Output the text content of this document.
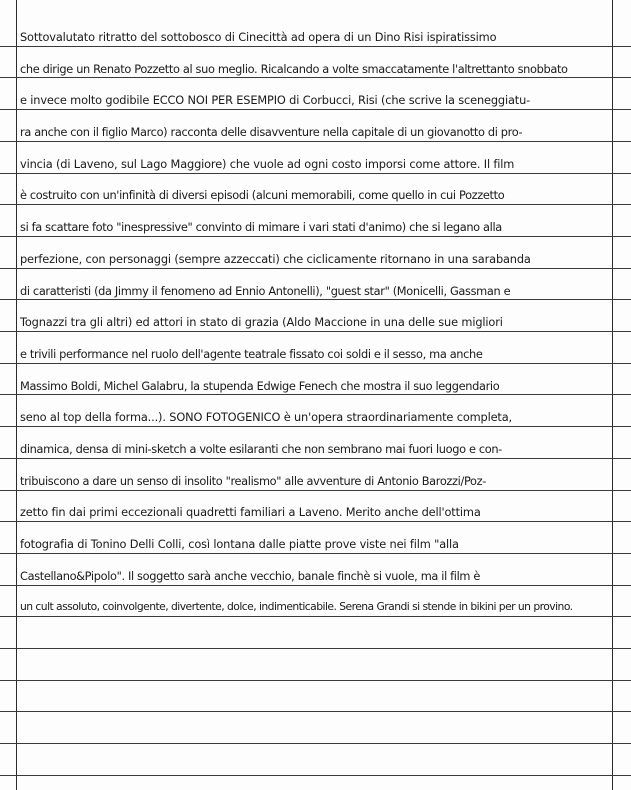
Sottovalutato ritratto del sottobosco di Cinecittà ad opera di un Dino Risi ispiratissimo
che dirige un Renato Pozzetto al suo meglio. Ricalcando a volte smaccatamente l'altrettanto snobbato
e invece molto godibile ECCO NOI PER ESEMPIO di Corbucci, Risi (che scrive la sceneggiatu-
ra anche con il figlio Marco) racconta delle disavventure nella capitale di un giovanotto di pro-
vincia (di Laveno, sul Lago Maggiore) che vuole ad ogni costo imporsi come attore. Il film
è costruito con un'infinità di diversi episodi (alcuni memorabili, come quello in cui Pozzetto
si fa scattare foto "inespressive" convinto di mimare i vari stati d'animo) che si legano alla
perfezione, con personaggi (sempre azzeccati) che ciclicamente ritornano in una sarabanda
di caratteristi (da Jimmy il fenomeno ad Ennio Antonelli), "guest star" (Monicelli, Gassman e
Tognazzi tra gli altri) ed attori in stato di grazia (Aldo Maccione in una delle sue migliori
e trivili performance nel ruolo dell'agente teatrale fissato coi soldi e il sesso, ma anche
Massimo Boldi, Michel Galabru, la stupenda Edwige Fenech che mostra il suo leggendario
seno al top della forma...). SONO FOTOGENICO è un'opera straordinariamente completa,
dinamica, densa di mini-sketch a volte esilaranti che non sembrano mai fuori luogo e con-
tribuiscono a dare un senso di insolito "realismo" alle avventure di Antonio Barozzi/Poz-
zetto fin dai primi eccezionali quadretti familiari a Laveno. Merito anche dell'ottima
fotografia di Tonino Delli Colli, così lontana dalle piatte prove viste nei film "alla
Castellano&Pipolo". Il soggetto sarà anche vecchio, banale finchè si vuole, ma il film è
un cult assoluto, coinvolgente, divertente, dolce, indimenticabile. Serena Grandi si stende in bikini per un provino.
